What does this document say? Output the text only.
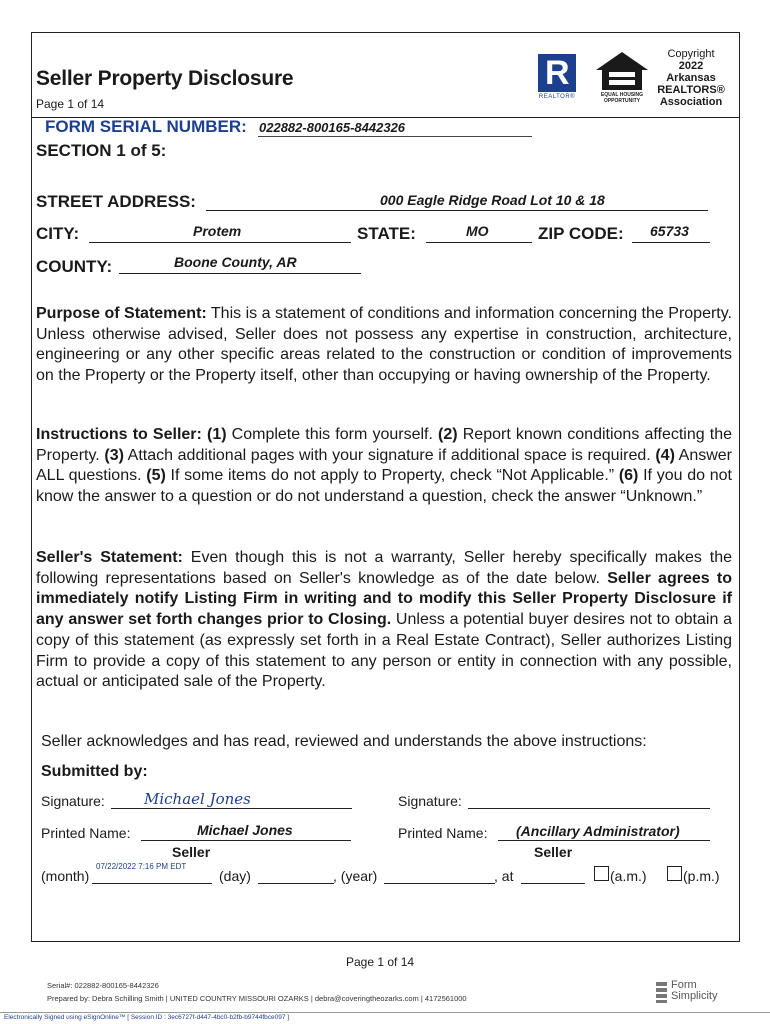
Seller Property Disclosure
Page 1 of 14
R
REALTOR®	EQUAL HOUSING
OPPORTUNITY
Copyright
2022
Arkansas
REALTORS®
Association
FORM SERIAL NUMBER: 022882-800165-8442326
SECTION 1 of 5:
STREET ADDRESS:	000 Eagle Ridge Road Lot 10 & 18
CITY:	Protem	STATE:	MO	ZIP CODE: 65733
COUNTY:	Boone County, AR
Purpose of Statement: This is a statement of conditions and information concerning the Property. Unless otherwise advised, Seller does not possess any expertise in construction, architecture, engineering or any other specific areas related to the construction or condition of improvements on the Property or the Property itself, other than occupying or having ownership of the Property.
Instructions to Seller: (1) Complete this form yourself. (2) Report known conditions affecting the Property. (3) Attach additional pages with your signature if additional space is required. (4) Answer ALL questions. (5) If some items do not apply to Property, check “Not Applicable.” (6) If you do not know the answer to a question or do not understand a question, check the answer “Unknown.”
Seller's Statement: Even though this is not a warranty, Seller hereby specifically makes the following representations based on Seller's knowledge as of the date below. Seller agrees to immediately notify Listing Firm in writing and to modify this Seller Property Disclosure if any answer set forth changes prior to Closing. Unless a potential buyer desires not to obtain a copy of this statement (as expressly set forth in a Real Estate Contract), Seller authorizes Listing Firm to provide a copy of this statement to any person or entity in connection with any possible, actual or anticipated sale of the Property.
Seller acknowledges and has read, reviewed and understands the above instructions:
Submitted by:
Signature:	Michael Jones	Signature:
Printed Name:	Michael Jones	Printed Name: (Ancillary Administrator)
Seller	Seller
07/22/2022 7:16 PM EDT
(month)	(day)	, (year)	, at	(a.m.)	(p.m.)
Page 1 of 14
Serial#: 022882-800165-8442326
Prepared by: Debra Schilling Smith | UNITED COUNTRY MISSOURI OZARKS | debra@coveringtheozarks.com | 4172561000
Form
Simplicity
Electronically Signed using eSignOnline™ [ Session ID : 3ec6727f-d447-4bc0-b2fb-b9744fbce097 ]
